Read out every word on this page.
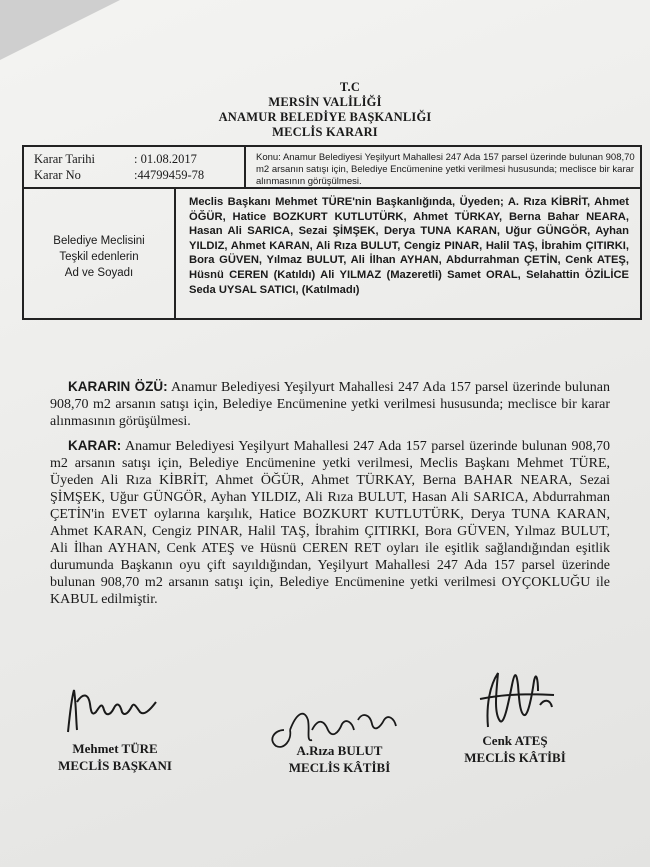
T.C
MERSİN VALİLİĞİ
ANAMUR BELEDİYE BAŞKANLIĞI
MECLİS KARARI
Karar Tarihi	: 01.08.2017
Karar No	:44799459-78
Konu: Anamur Belediyesi Yeşilyurt Mahallesi 247 Ada 157 parsel üzerinde bulunan 908,70 m2 arsanın satışı için, Belediye Encümenine yetki verilmesi hususunda; meclisce bir karar alınmasının görüşülmesi.
Belediye Meclisini
Teşkil edenlerin
Ad ve Soyadı
Meclis Başkanı Mehmet TÜRE'nin Başkanlığında, Üyeden; A. Rıza KİBRİT, Ahmet ÖĞÜR, Hatice BOZKURT KUTLUTÜRK, Ahmet TÜRKAY, Berna Bahar NEARA, Hasan Ali SARICA, Sezai ŞİMŞEK, Derya TUNA KARAN, Uğur GÜNGÖR, Ayhan YILDIZ, Ahmet KARAN, Ali Rıza BULUT, Cengiz PINAR, Halil TAŞ, İbrahim ÇITIRKI, Bora GÜVEN, Yılmaz BULUT, Ali İlhan AYHAN, Abdurrahman ÇETİN, Cenk ATEŞ, Hüsnü CEREN (Katıldı) Ali YILMAZ (Mazeretli) Samet ORAL, Selahattin ÖZİLİCE Seda UYSAL SATICI, (Katılmadı)
KARARIN ÖZÜ: Anamur Belediyesi Yeşilyurt Mahallesi 247 Ada 157 parsel üzerinde bulunan 908,70 m2 arsanın satışı için, Belediye Encümenine yetki verilmesi hususunda; meclisce bir karar alınmasının görüşülmesi.
KARAR: Anamur Belediyesi Yeşilyurt Mahallesi 247 Ada 157 parsel üzerinde bulunan 908,70 m2 arsanın satışı için, Belediye Encümenine yetki verilmesi, Meclis Başkanı Mehmet TÜRE, Üyeden Ali Rıza KİBRİT, Ahmet ÖĞÜR, Ahmet TÜRKAY, Berna BAHAR NEARA, Sezai ŞİMŞEK, Uğur GÜNGÖR, Ayhan YILDIZ, Ali Rıza BULUT, Hasan Ali SARICA, Abdurrahman ÇETİN'in EVET oylarına karşılık, Hatice BOZKURT KUTLUTÜRK, Derya TUNA KARAN, Ahmet KARAN, Cengiz PINAR, Halil TAŞ, İbrahim ÇITIRKI, Bora GÜVEN, Yılmaz BULUT, Ali İlhan AYHAN, Cenk ATEŞ ve Hüsnü CEREN RET oyları ile eşitlik sağlandığından eşitlik durumunda Başkanın oyu çift sayıldığından, Yeşilyurt Mahallesi 247 Ada 157 parsel üzerinde bulunan 908,70 m2 arsanın satışı için, Belediye Encümenine yetki verilmesi OYÇOKLUĞU ile KABUL edilmiştir.
Mehmet TÜRE
MECLİS BAŞKANI
A.Rıza BULUT
MECLİS KÂTİBİ
Cenk ATEŞ
MECLİS KÂTİBİ
